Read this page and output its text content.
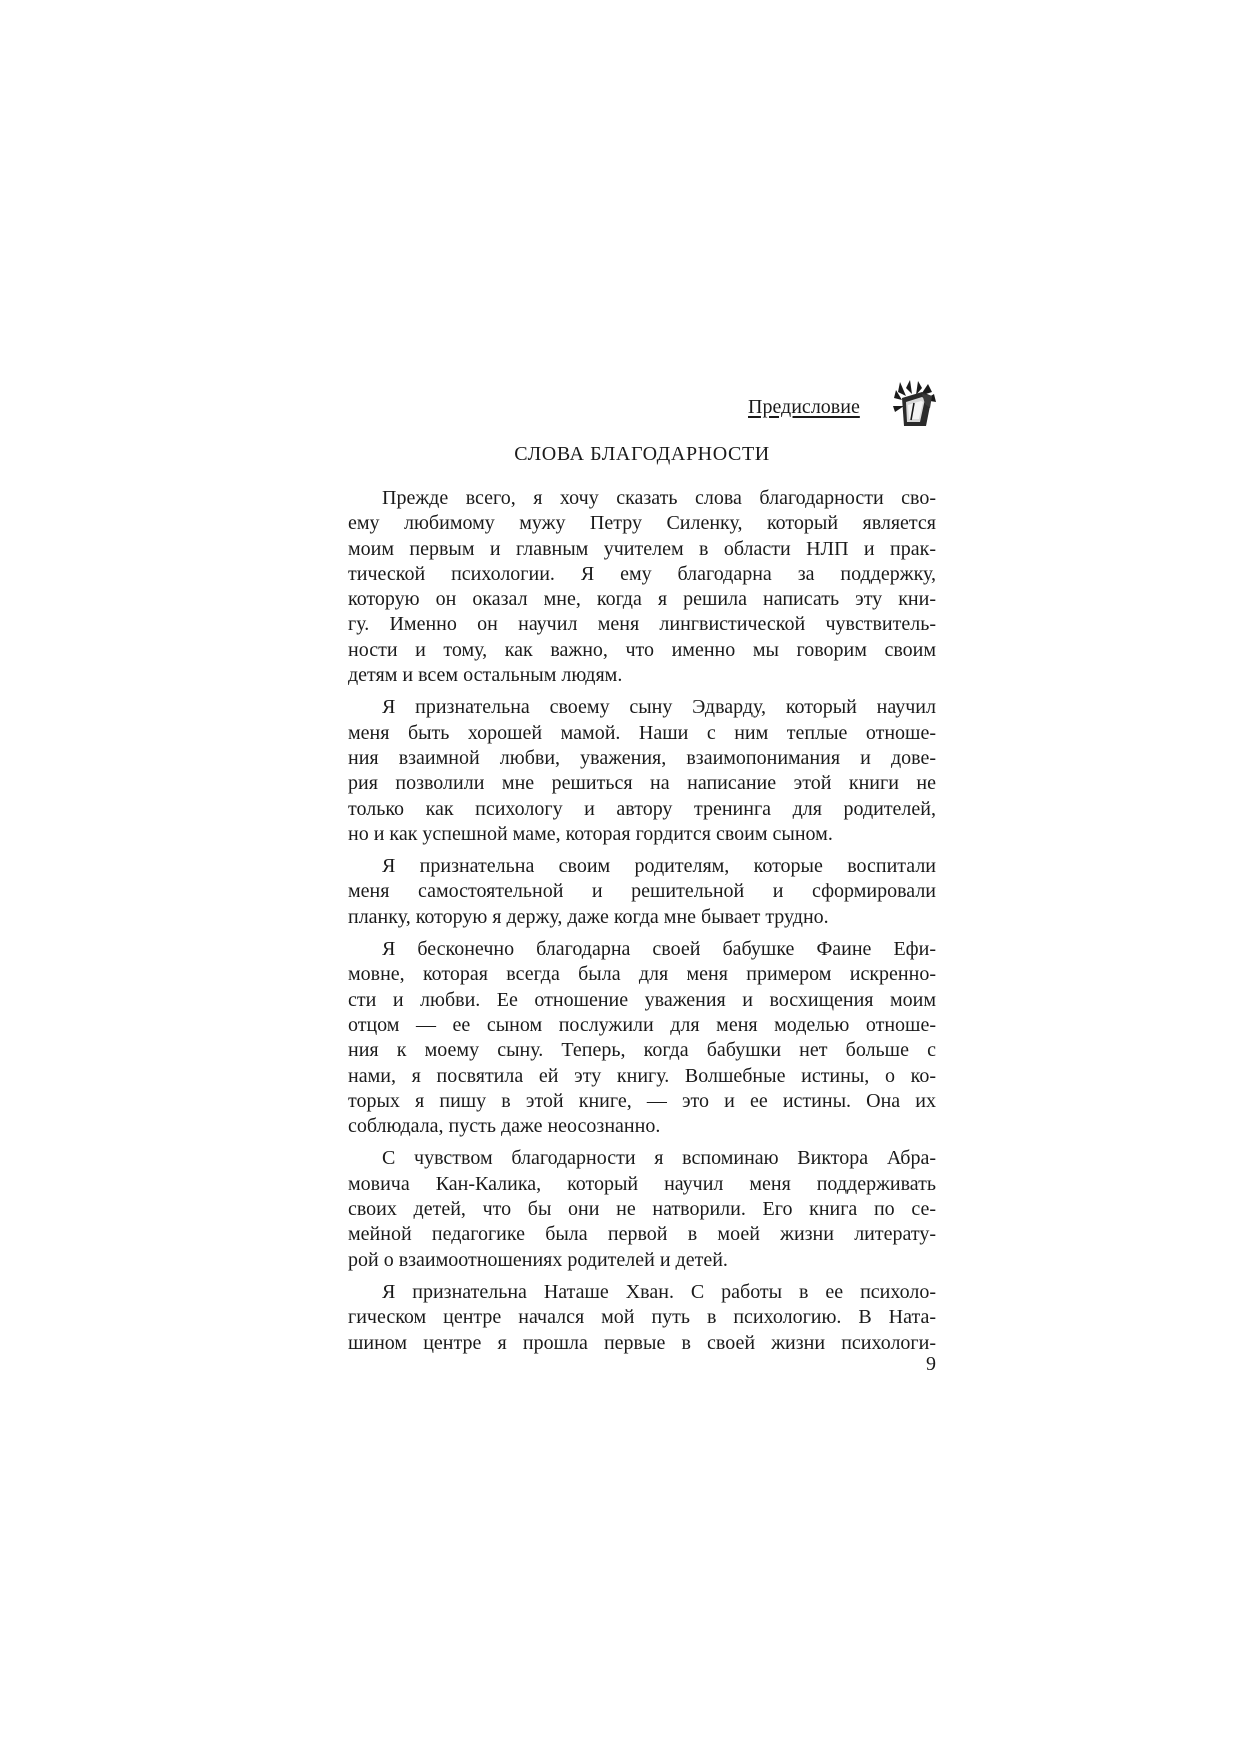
Предисловие
СЛОВА БЛАГОДАРНОСТИ

Прежде всего, я хочу сказать слова благодарности сво-
ему любимому мужу Петру Силенку, который является
моим первым и главным учителем в области НЛП и прак-
тической психологии. Я ему благодарна за поддержку,
которую он оказал мне, когда я решила написать эту кни-
гу. Именно он научил меня лингвистической чувствитель-
ности и тому, как важно, что именно мы говорим своим
детям и всем остальным людям.

Я признательна своему сыну Эдварду, который научил
меня быть хорошей мамой. Наши с ним теплые отноше-
ния взаимной любви, уважения, взаимопонимания и дове-
рия позволили мне решиться на написание этой книги не
только как психологу и автору тренинга для родителей,
но и как успешной маме, которая гордится своим сыном.

Я признательна своим родителям, которые воспитали
меня самостоятельной и решительной и сформировали
планку, которую я держу, даже когда мне бывает трудно.

Я бесконечно благодарна своей бабушке Фаине Ефи-
мовне, которая всегда была для меня примером искренно-
сти и любви. Ее отношение уважения и восхищения моим
отцом — ее сыном послужили для меня моделью отноше-
ния к моему сыну. Теперь, когда бабушки нет больше с
нами, я посвятила ей эту книгу. Волшебные истины, о ко-
торых я пишу в этой книге, — это и ее истины. Она их
соблюдала, пусть даже неосознанно.

С чувством благодарности я вспоминаю Виктора Абра-
мовича Кан-Калика, который научил меня поддерживать
своих детей, что бы они не натворили. Его книга по се-
мейной педагогике была первой в моей жизни литерату-
рой о взаимоотношениях родителей и детей.

Я признательна Наташе Хван. С работы в ее психоло-
гическом центре начался мой путь в психологию. В Ната-
шином центре я прошла первые в своей жизни психологи-

9
